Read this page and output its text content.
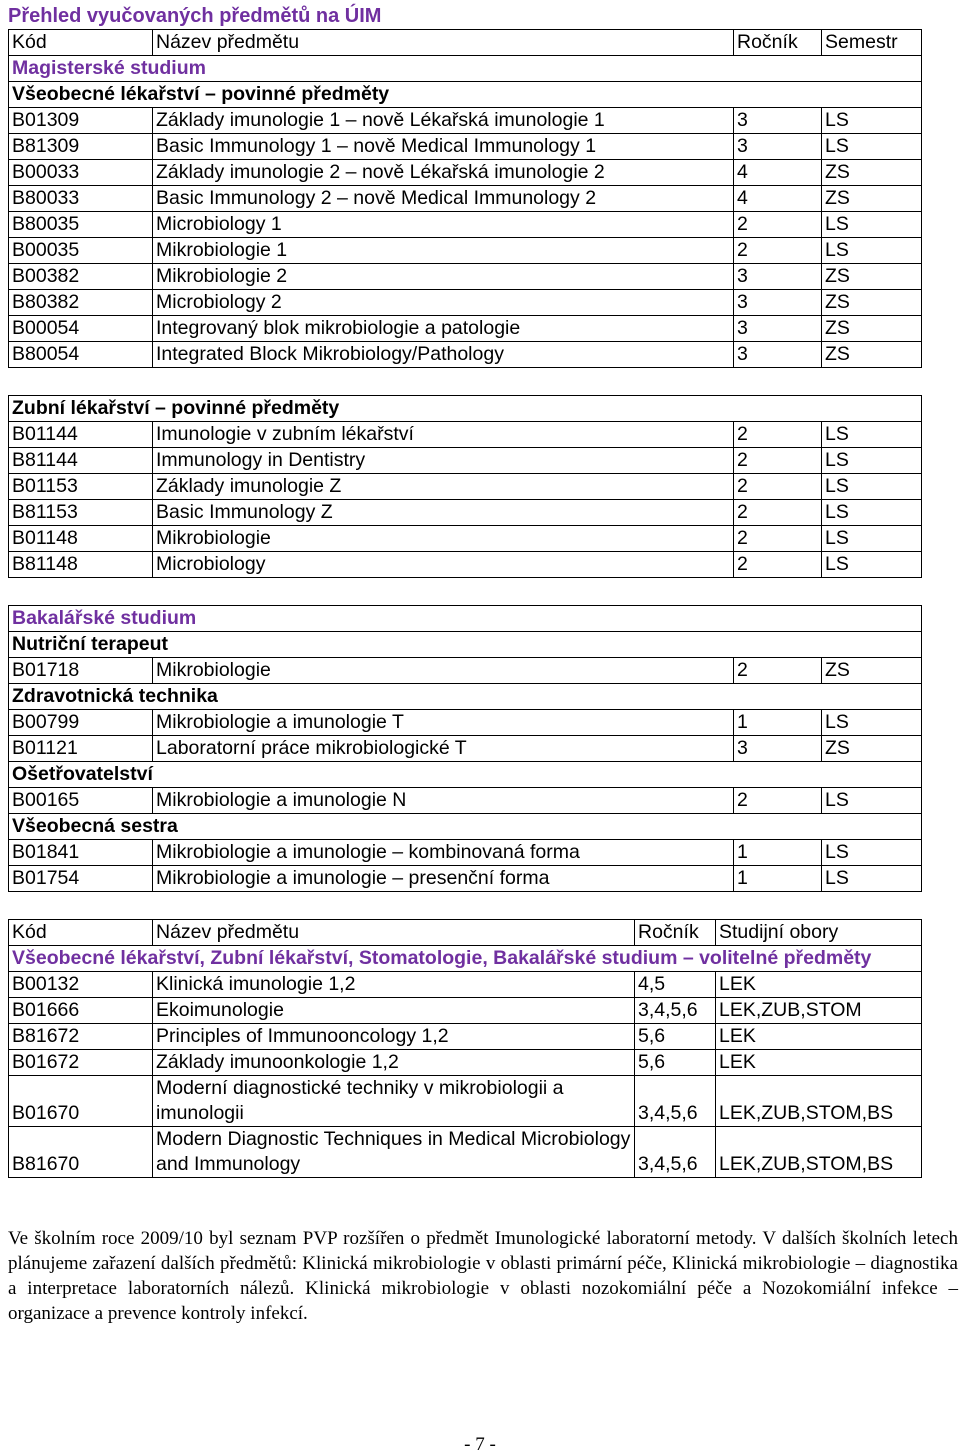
Přehled vyučovaných předmětů na ÚIM
Kód	Název předmětu	Ročník	Semestr
Magisterské studium			
Všeobecné lékařství – povinné předměty			
B01309	Základy imunologie 1 – nově Lékařská imunologie 1	3	LS
B81309	Basic Immunology 1 – nově Medical Immunology 1	3	LS
B00033	Základy imunologie 2 – nově Lékařská imunologie 2	4	ZS
B80033	Basic Immunology 2 – nově Medical Immunology 2	4	ZS
B80035	Microbiology 1	2	LS
B00035	Mikrobiologie 1	2	LS
B00382	Mikrobiologie 2	3	ZS
B80382	Microbiology 2	3	ZS
B00054	Integrovaný blok mikrobiologie a patologie	3	ZS
B80054	Integrated Block Mikrobiology/Pathology	3	ZS
Zubní lékařství – povinné předměty			
B01144	Imunologie v zubním lékařství	2	LS
B81144	Immunology in Dentistry	2	LS
B01153	Základy imunologie Z	2	LS
B81153	Basic Immunology Z	2	LS
B01148	Mikrobiologie	2	LS
B81148	Microbiology	2	LS
Bakalářské studium			
Nutriční terapeut			
B01718	Mikrobiologie	2	ZS
Zdravotnická technika			
B00799	Mikrobiologie a imunologie T	1	LS
B01121	Laboratorní práce mikrobiologické T	3	ZS
Ošetřovatelství			
B00165	Mikrobiologie a imunologie N	2	LS
Všeobecná sestra			
B01841	Mikrobiologie a imunologie – kombinovaná forma	1	LS
B01754	Mikrobiologie a imunologie – presenční forma	1	LS
Kód	Název předmětu	Ročník	Studijní obory
Všeobecné lékařství, Zubní lékařství, Stomatologie, Bakalářské studium – volitelné předměty			
B00132	Klinická imunologie 1,2	4,5	LEK
B01666	Ekoimunologie	3,4,5,6	LEK,ZUB,STOM
B81672	Principles of Immunooncology 1,2	5,6	LEK
B01672	Základy imunoonkologie 1,2	5,6	LEK
B01670	Moderní diagnostické techniky v mikrobiologii a imunologii	3,4,5,6	LEK,ZUB,STOM,BS
B81670	Modern Diagnostic Techniques in Medical Microbiology and Immunology	3,4,5,6	LEK,ZUB,STOM,BS

Ve školním roce 2009/10 byl seznam PVP rozšířen o předmět Imunologické laboratorní metody. V dalších školních letech plánujeme zařazení dalších předmětů: Klinická mikrobiologie v oblasti primární péče, Klinická mikrobiologie – diagnostika a interpretace laboratorních nálezů. Klinická mikrobiologie v oblasti nozokomiální péče a Nozokomiální infekce – organizace a prevence kontroly infekcí.

- 7 -
